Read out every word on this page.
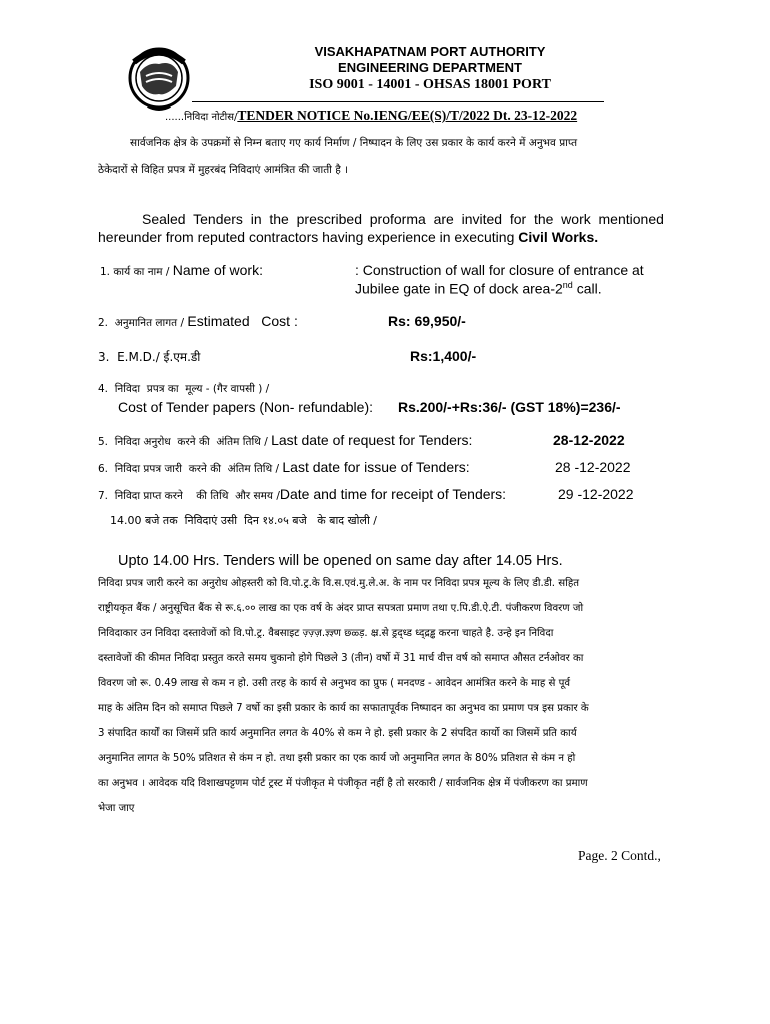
VISAKHAPATNAM PORT AUTHORITY
ENGINEERING DEPARTMENT
ISO 9001 - 14001 - OHSAS 18001 PORT
......निविदा नोटीस/TENDER NOTICE No.IENG/EE(S)/T/2022 Dt. 23-12-2022
सार्वजनिक क्षेत्र के उपक्रमों से निम्न बताए गए कार्य निर्माण / निष्पादन के लिए उस प्रकार के कार्य करने में अनुभव प्राप्त
ठेकेदारों से विहित प्रपत्र में मुहरबंद निविदाएं आमंत्रित की जाती है ।
Sealed  Tenders  in  the  prescribed  proforma  are  invited  for  the  work  mentioned
hereunder from reputed contractors having experience in executing Civil Works.
1. कार्य का नाम / Name of work:	: Construction of wall for closure of entrance at
Jubilee gate in EQ of dock area-2nd call.
2.  अनुमानित लागत / Estimated   Cost :	Rs: 69,950/-
3.  E.M.D./ ई.एम.डी	Rs:1,400/-
4.  निविदा  प्रपत्र का  मूल्य - (गैर वापसी ) /
Cost of Tender papers (Non- refundable): Rs.200/-+Rs:36/- (GST 18%)=236/-
5.  निविदा अनुरोध  करने की  अंतिम तिथि / Last date of request for Tenders:	28-12-2022
6.  निविदा प्रपत्र जारी  करने की  अंतिम तिथि / Last date for issue of Tenders:	28 -12-2022
7.  निविदा प्राप्त करने    की तिथि  और समय /Date and time for receipt of Tenders:	29 -12-2022
14.00 बजे तक  निविदाएं उसी  दिन १४.०५ बजे   के बाद खोली /
Upto 14.00 Hrs. Tenders will be opened on same day after 14.05 Hrs.
निविदा प्रपत्र जारी करने का अनुरोध ओहस्तरी को वि.पो.ट्र.के वि.स.एवं.मु.ले.अ. के नाम पर निविदा प्रपत्र मूल्य के लिए डी.डी. सहित
राष्ट्रीयकृत बैंक / अनुसूचित बैंक से रू.६.०० लाख का एक वर्ष के अंदर प्राप्त सपत्रता प्रमाण तथा ए.पि.डी.ऐ.टी. पंजीकरण विवरण जो
निविदाकार उन निविदा दस्तावेजों को वि.पो.ट्र. वैबसाइट ज़्ज़्ज़.ज्ञ्ज्ञ्ण छ्ळ्ड़. क्ष्र.से ड्रद्ध्ड ध्द्द्रड्ढ करना चाहते है. उन्हे इन निविदा
दस्तावेजों की कीमत निविदा प्रस्तुत करते समय चुकानो होगे पिछले 3 (तीन) वर्षो में 31 मार्च वीत्त वर्ष को समाप्त औसत टर्नओवर का
विवरण जो रू. 0.49 लाख से कम न हो. उसी तरह के कार्य से अनुभव का प्रुफ ( मनदण्ड - आवेदन आमंत्रित करने के माह से पूर्व
माह के अंतिम दिन को समाप्त पिछले 7 वर्षो का इसी प्रकार के कार्य का सफातापूर्वक निष्पादन का अनुभव का प्रमाण पत्र इस प्रकार के
3 संपादित कार्यों का जिसमें प्रति कार्य अनुमानित लगत के 40% से कम ने हो. इसी प्रकार के 2 संपदित कार्यो का जिसमें प्रति कार्य
अनुमानित लागत के 50% प्रतिशत से कंम न हो. तथा इसी प्रकार का एक कार्य जो अनुमानित लगत के 80% प्रतिशत से कंम न हो
का अनुभव । आवेदक यदि विशाखपट्टणम पोर्ट ट्रस्ट में पंजीकृत मे पंजीकृत नहीं है तो सरकारी / सार्वजनिक क्षेत्र में पंजीकरण का प्रमाण
भेजा जाए
Page. 2 Contd.,
